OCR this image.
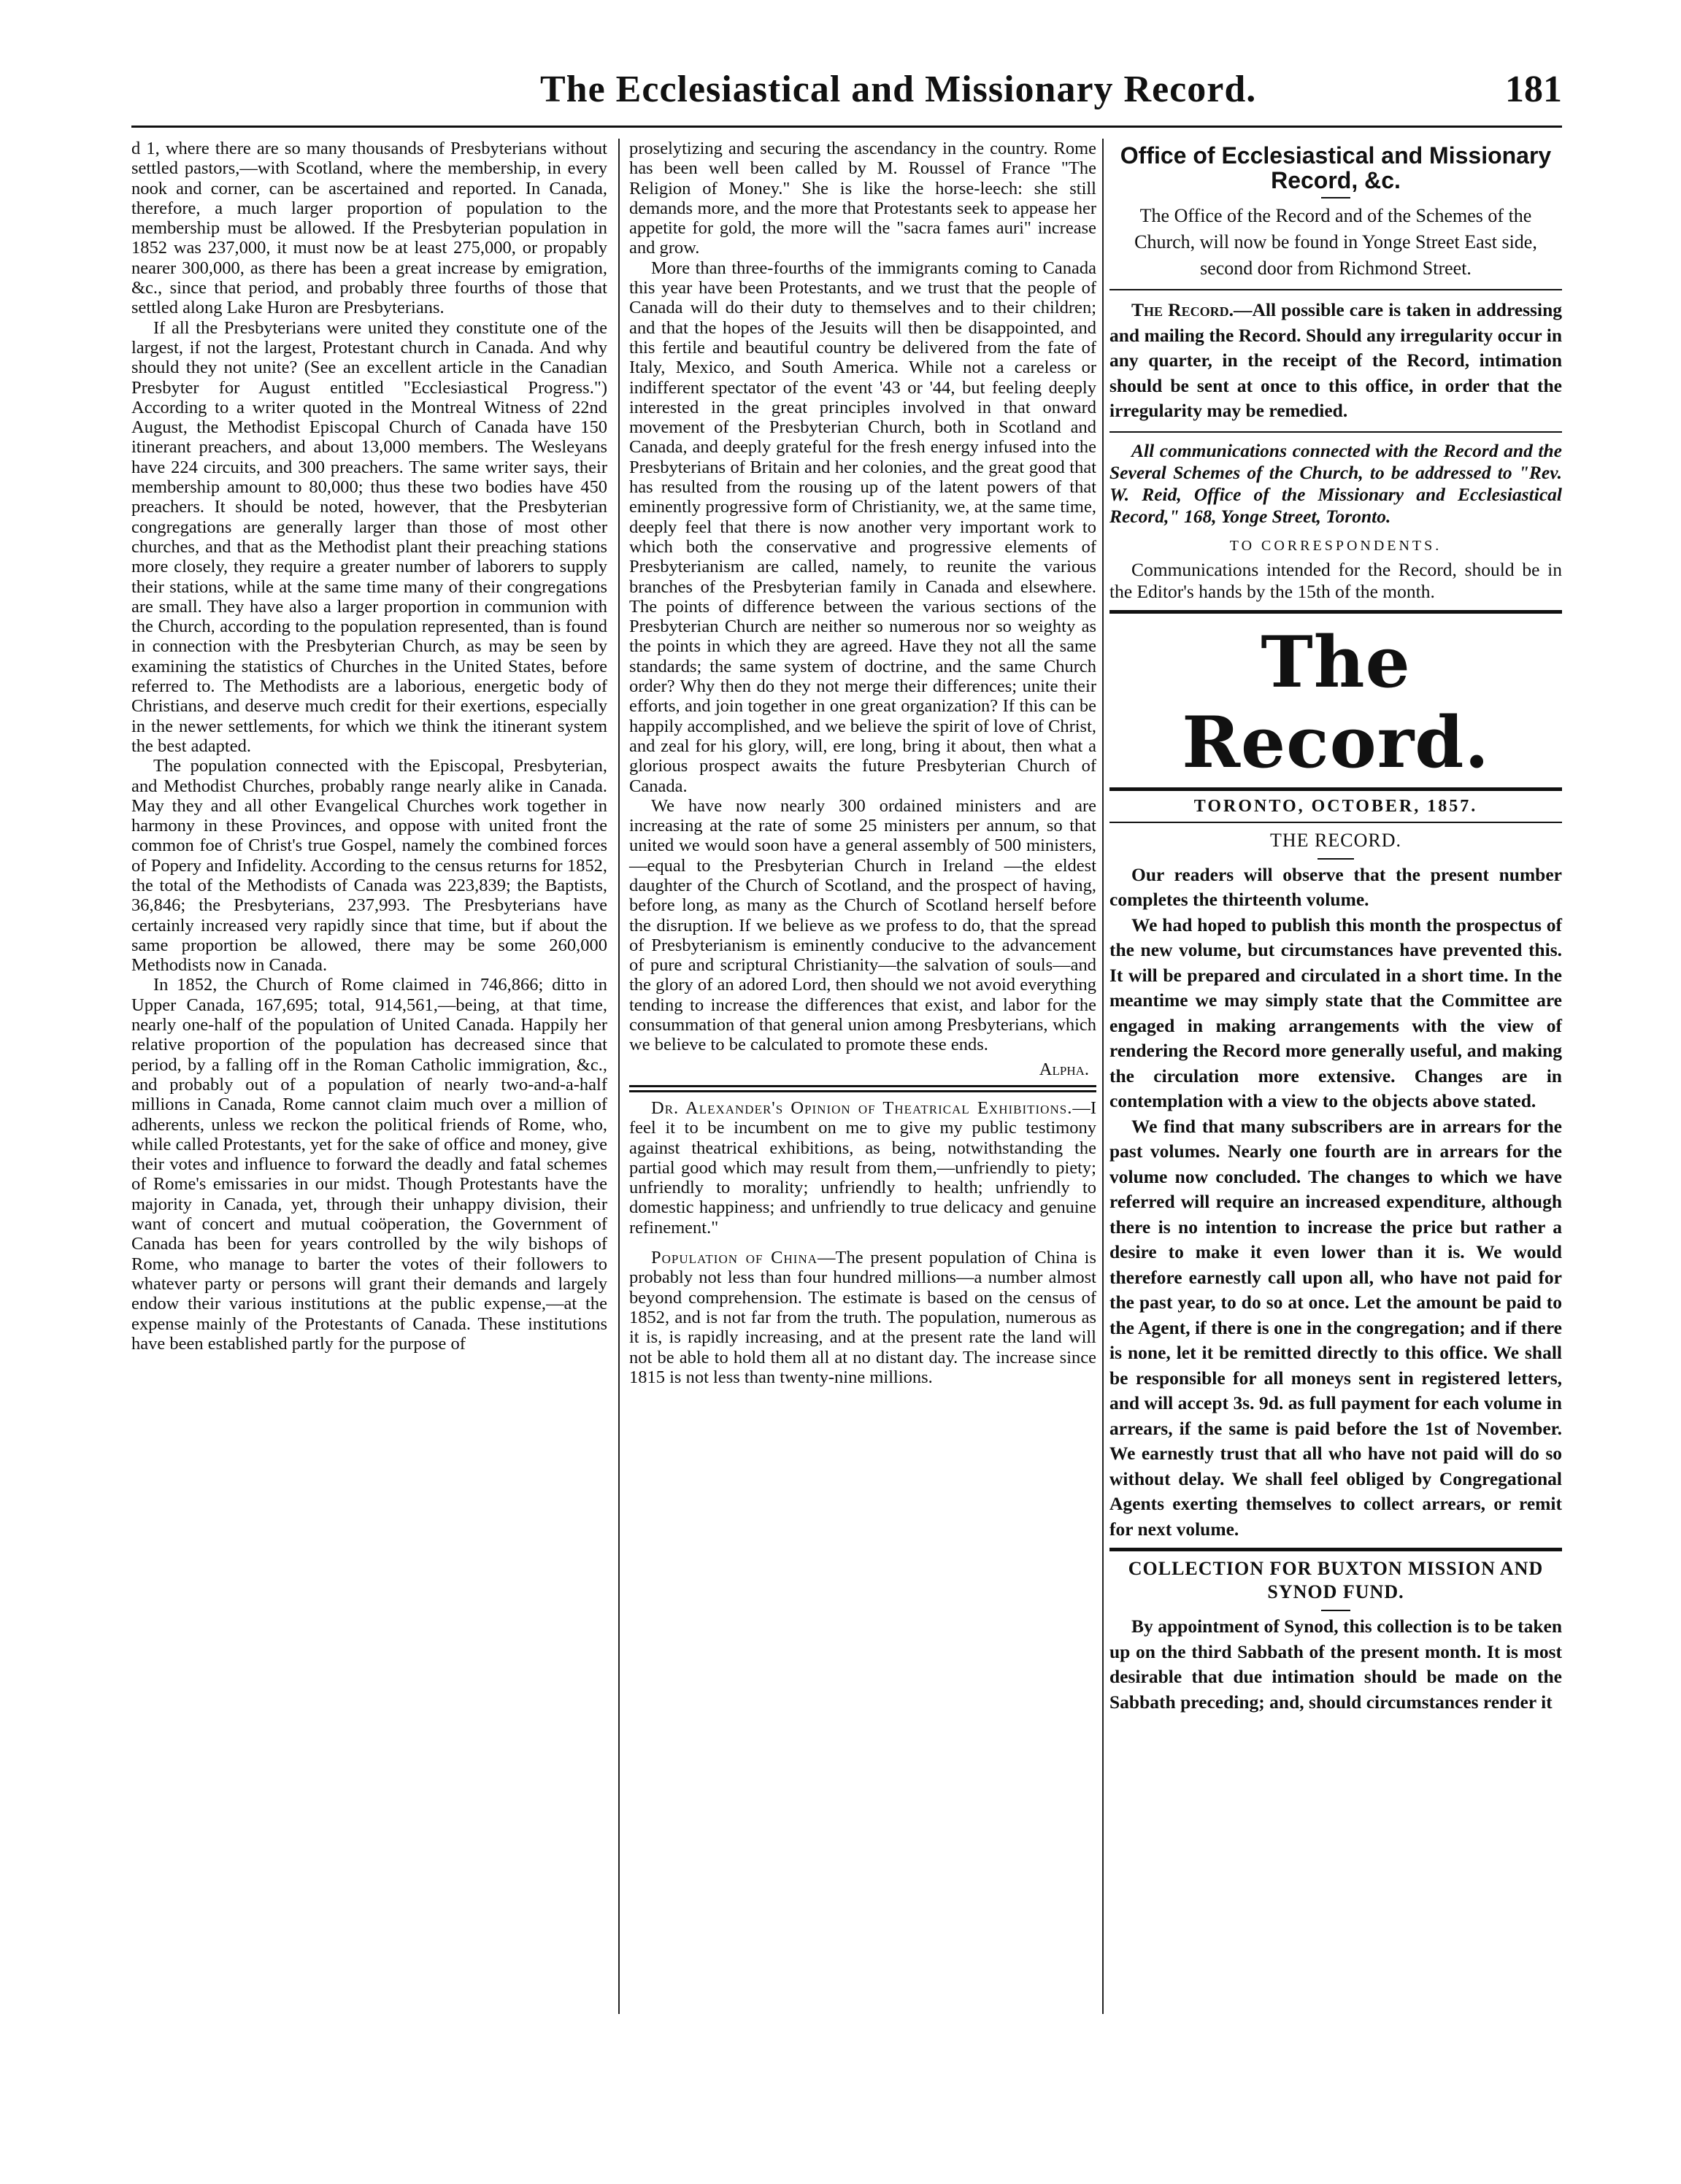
The Ecclesiastical and Missionary Record.	181

d 1, where there are so many thousands of Presbyterians without settled pastors,—with Scotland, where the membership, in every nook and corner, can be ascertained and reported. In Canada, therefore, a much larger proportion of population to the membership must be allowed. If the Presbyterian population in 1852 was 237,000, it must now be at least 275,000, or propably nearer 300,000, as there has been a great increase by emigration, &c., since that period, and probably three fourths of those that settled along Lake Huron are Presbyterians.

If all the Presbyterians were united they constitute one of the largest, if not the largest, Protestant church in Canada. And why should they not unite? (See an excellent article in the Canadian Presbyter for August entitled "Ecclesiastical Progress.") According to a writer quoted in the Montreal Witness of 22nd August, the Methodist Episcopal Church of Canada have 150 itinerant preachers, and about 13,000 members. The Wesleyans have 224 circuits, and 300 preachers. The same writer says, their membership amount to 80,000; thus these two bodies have 450 preachers. It should be noted, however, that the Presbyterian congregations are generally larger than those of most other churches, and that as the Methodist plant their preaching stations more closely, they require a greater number of laborers to supply their stations, while at the same time many of their congregations are small. They have also a larger proportion in communion with the Church, according to the population represented, than is found in connection with the Presbyterian Church, as may be seen by examining the statistics of Churches in the United States, before referred to. The Methodists are a laborious, energetic body of Christians, and deserve much credit for their exertions, especially in the newer settlements, for which we think the itinerant system the best adapted.

The population connected with the Episcopal, Presbyterian, and Methodist Churches, probably range nearly alike in Canada. May they and all other Evangelical Churches work together in harmony in these Provinces, and oppose with united front the common foe of Christ's true Gospel, namely the combined forces of Popery and Infidelity. According to the census returns for 1852, the total of the Methodists of Canada was 223,839; the Baptists, 36,846; the Presbyterians, 237,993. The Presbyterians have certainly increased very rapidly since that time, but if about the same proportion be allowed, there may be some 260,000 Methodists now in Canada.

In 1852, the Church of Rome claimed in 746,866; ditto in Upper Canada, 167,695; total, 914,561,—being, at that time, nearly one-half of the population of United Canada. Happily her relative proportion of the population has decreased since that period, by a falling off in the Roman Catholic immigration, &c., and probably out of a population of nearly two-and-a-half millions in Canada, Rome cannot claim much over a million of adherents, unless we reckon the political friends of Rome, who, while called Protestants, yet for the sake of office and money, give their votes and influence to forward the deadly and fatal schemes of Rome's emissaries in our midst. Though Protestants have the majority in Canada, yet, through their unhappy division, their want of concert and mutual coöperation, the Government of Canada has been for years controlled by the wily bishops of Rome, who manage to barter the votes of their followers to whatever party or persons will grant their demands and largely endow their various institutions at the public expense,—at the expense mainly of the Protestants of Canada. These institutions have been established partly for the purpose of

proselytizing and securing the ascendancy in the country. Rome has been well been called by M. Roussel of France "The Religion of Money." She is like the horse-leech: she still demands more, and the more that Protestants seek to appease her appetite for gold, the more will the "sacra fames auri" increase and grow.

More than three-fourths of the immigrants coming to Canada this year have been Protestants, and we trust that the people of Canada will do their duty to themselves and to their children; and that the hopes of the Jesuits will then be disappointed, and this fertile and beautiful country be delivered from the fate of Italy, Mexico, and South America. While not a careless or indifferent spectator of the event '43 or '44, but feeling deeply interested in the great principles involved in that onward movement of the Presbyterian Church, both in Scotland and Canada, and deeply grateful for the fresh energy infused into the Presbyterians of Britain and her colonies, and the great good that has resulted from the rousing up of the latent powers of that eminently progressive form of Christianity, we, at the same time, deeply feel that there is now another very important work to which both the conservative and progressive elements of Presbyterianism are called, namely, to reunite the various branches of the Presbyterian family in Canada and elsewhere. The points of difference between the various sections of the Presbyterian Church are neither so numerous nor so weighty as the points in which they are agreed. Have they not all the same standards; the same system of doctrine, and the same Church order? Why then do they not merge their differences; unite their efforts, and join together in one great organization? If this can be happily accomplished, and we believe the spirit of love of Christ, and zeal for his glory, will, ere long, bring it about, then what a glorious prospect awaits the future Presbyterian Church of Canada.

We have now nearly 300 ordained ministers and are increasing at the rate of some 25 ministers per annum, so that united we would soon have a general assembly of 500 ministers, —equal to the Presbyterian Church in Ireland —the eldest daughter of the Church of Scotland, and the prospect of having, before long, as many as the Church of Scotland herself before the disruption. If we believe as we profess to do, that the spread of Presbyterianism is eminently conducive to the advancement of pure and scriptural Christianity—the salvation of souls—and the glory of an adored Lord, then should we not avoid everything tending to increase the differences that exist, and labor for the consummation of that general union among Presbyterians, which we believe to be calculated to promote these ends.

Alpha.

Dr. Alexander's Opinion of Theatrical Exhibitions.—I feel it to be incumbent on me to give my public testimony against theatrical exhibitions, as being, notwithstanding the partial good which may result from them,—unfriendly to piety; unfriendly to morality; unfriendly to health; unfriendly to domestic happiness; and unfriendly to true delicacy and genuine refinement."

Population of China—The present population of China is probably not less than four hundred millions—a number almost beyond comprehension. The estimate is based on the census of 1852, and is not far from the truth. The population, numerous as it is, is rapidly increasing, and at the present rate the land will not be able to hold them all at no distant day. The increase since 1815 is not less than twenty-nine millions.

Office of Ecclesiastical and Missionary Record, &c.

The Office of the Record and of the Schemes of the Church, will now be found in Yonge Street East side, second door from Richmond Street.

The Record.—All possible care is taken in addressing and mailing the Record. Should any irregularity occur in any quarter, in the receipt of the Record, intimation should be sent at once to this office, in order that the irregularity may be remedied.

All communications connected with the Record and the Several Schemes of the Church, to be addressed to "Rev. W. Reid, Office of the Missionary and Ecclesiastical Record," 168, Yonge Street, Toronto.

TO CORRESPONDENTS.

Communications intended for the Record, should be in the Editor's hands by the 15th of the month.

The Record.
TORONTO, OCTOBER, 1857.
THE RECORD.

Our readers will observe that the present number completes the thirteenth volume.

We had hoped to publish this month the prospectus of the new volume, but circumstances have prevented this. It will be prepared and circulated in a short time. In the meantime we may simply state that the Committee are engaged in making arrangements with the view of rendering the Record more generally useful, and making the circulation more extensive. Changes are in contemplation with a view to the objects above stated.

We find that many subscribers are in arrears for the past volumes. Nearly one fourth are in arrears for the volume now concluded. The changes to which we have referred will require an increased expenditure, although there is no intention to increase the price but rather a desire to make it even lower than it is. We would therefore earnestly call upon all, who have not paid for the past year, to do so at once. Let the amount be paid to the Agent, if there is one in the congregation; and if there is none, let it be remitted directly to this office. We shall be responsible for all moneys sent in registered letters, and will accept 3s. 9d. as full payment for each volume in arrears, if the same is paid before the 1st of November. We earnestly trust that all who have not paid will do so without delay. We shall feel obliged by Congregational Agents exerting themselves to collect arrears, or remit for next volume.

COLLECTION FOR BUXTON MISSION AND SYNOD FUND.

By appointment of Synod, this collection is to be taken up on the third Sabbath of the present month. It is most desirable that due intimation should be made on the Sabbath preceding; and, should circumstances render it
